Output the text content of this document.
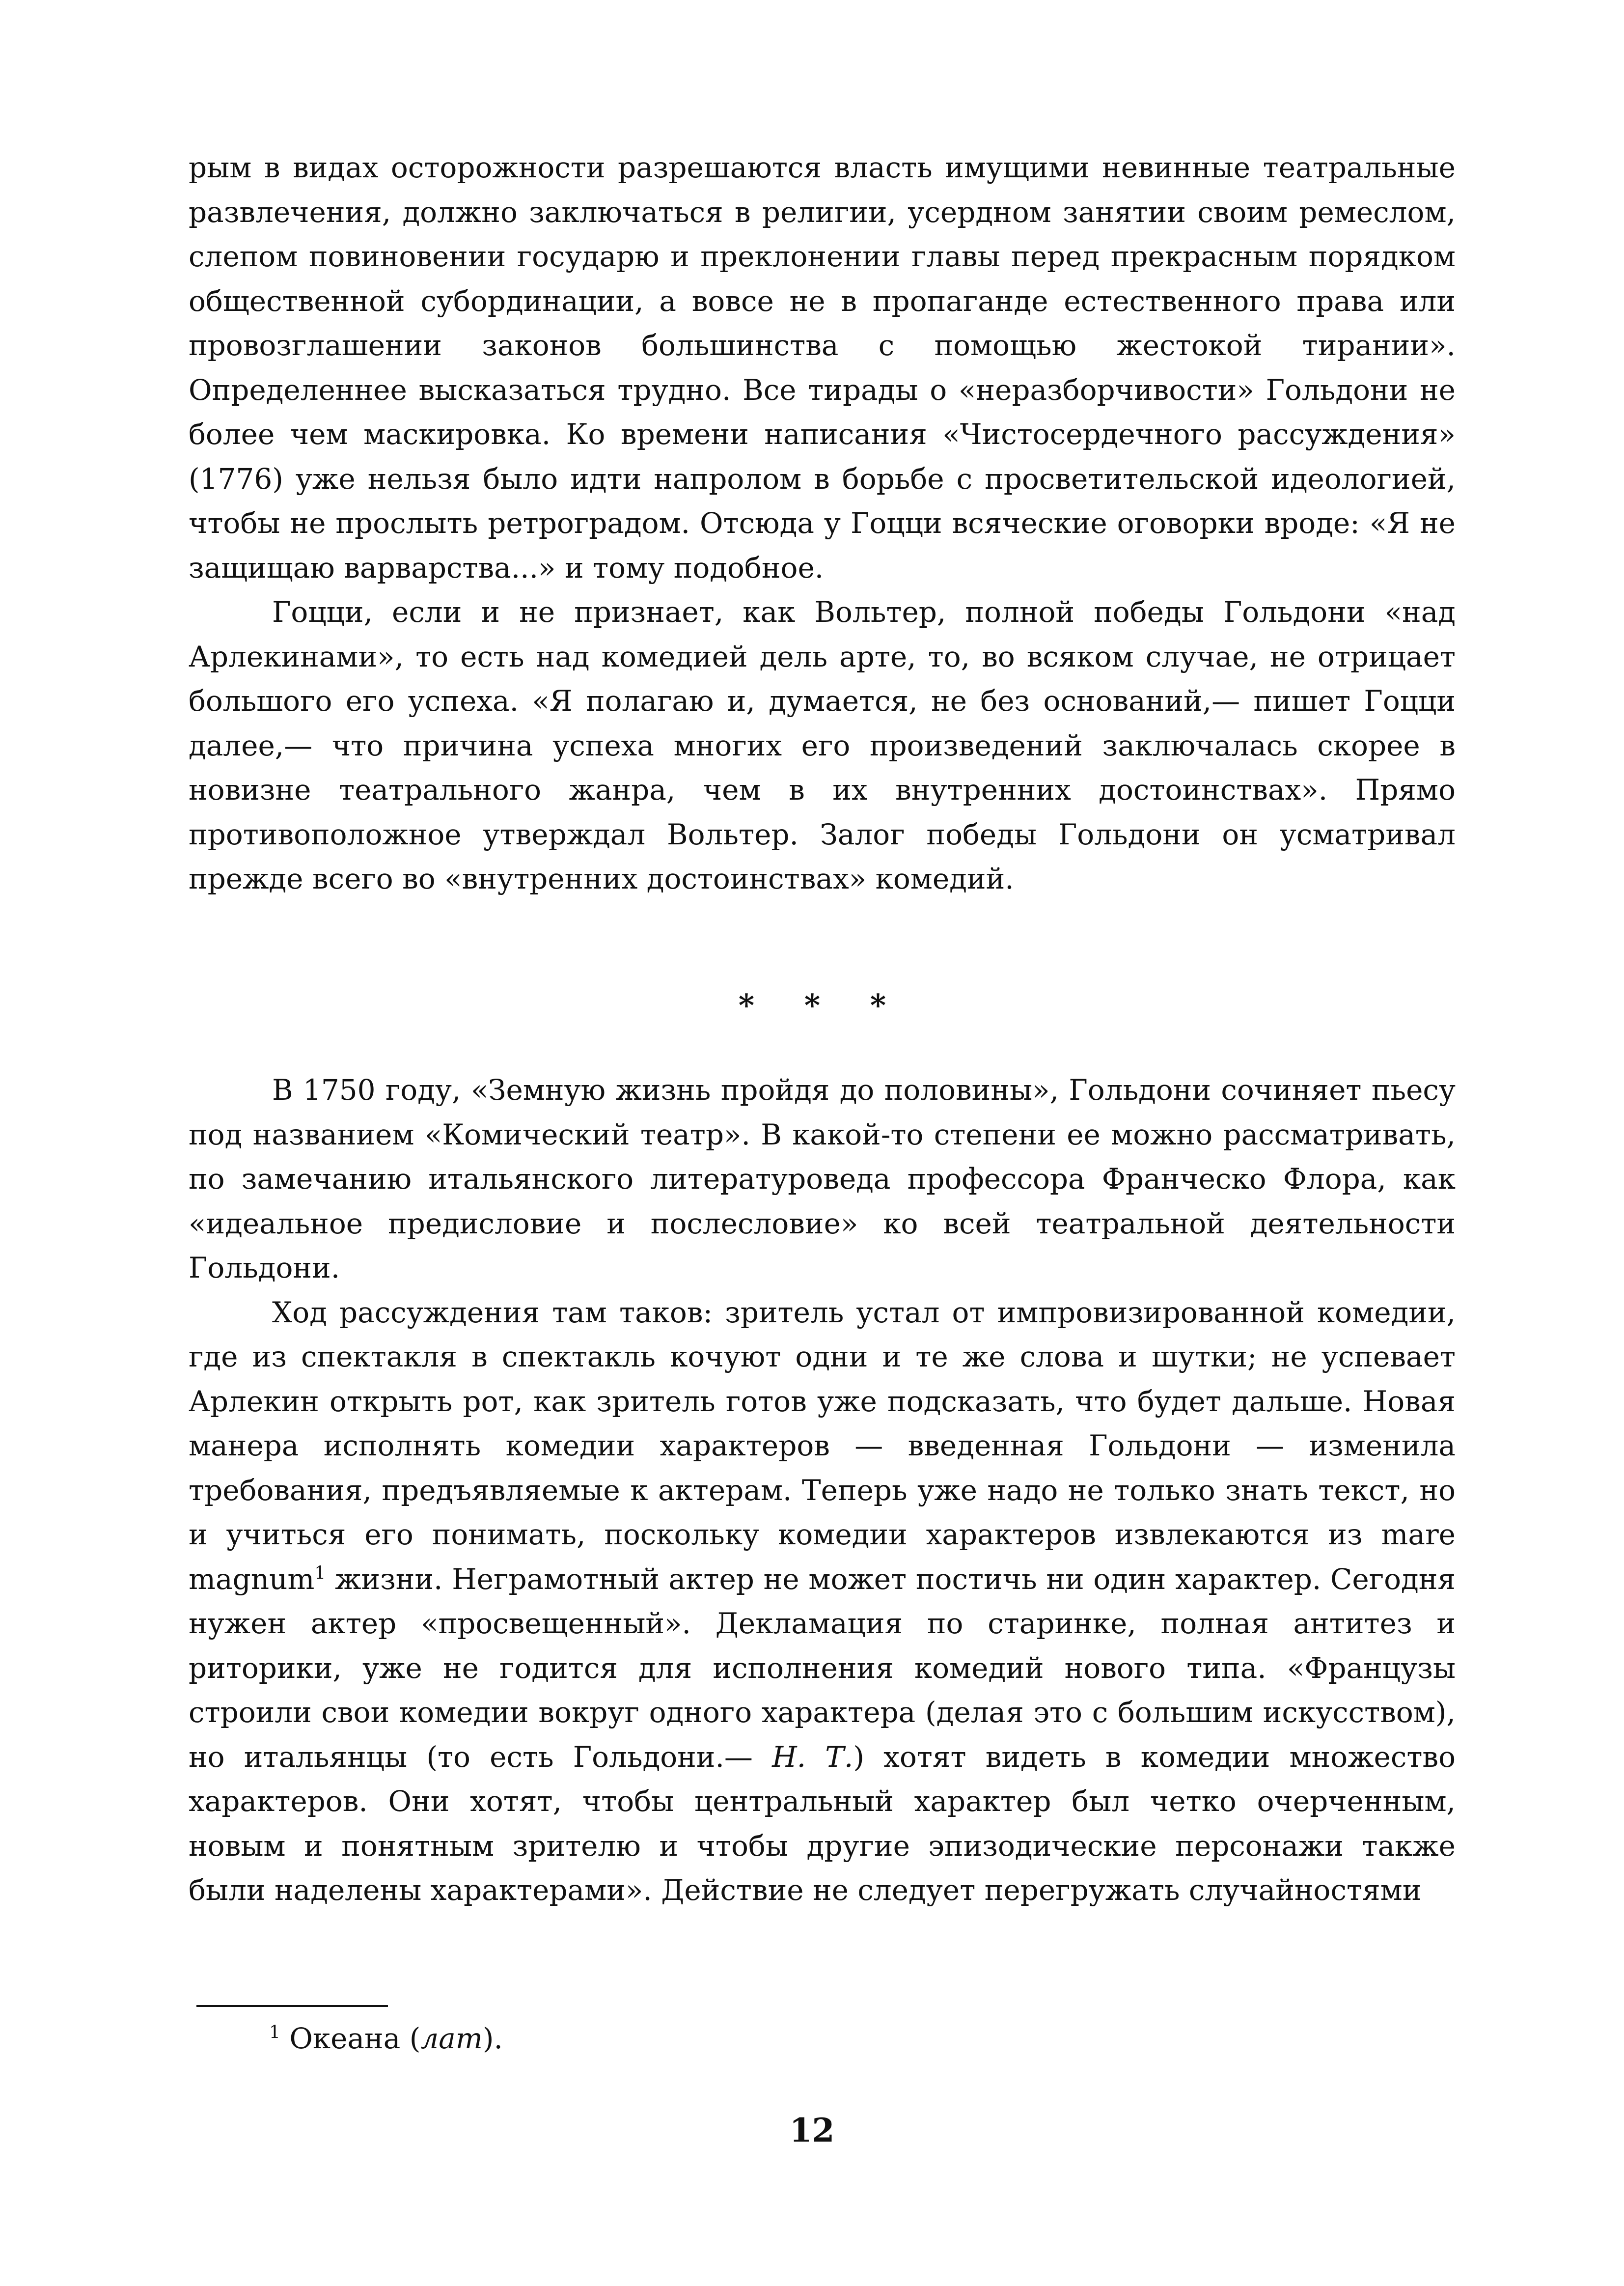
рым в видах осторожности разрешаются власть имущими невинные театральные развлечения, должно заключаться в религии, усердном занятии своим ремеслом, слепом повиновении государю и преклонении главы перед прекрасным порядком общественной субординации, а вовсе не в пропаганде естественного права или провозглашении законов большинства с помощью жестокой тирании». Определеннее высказаться трудно. Все тирады о «неразборчивости» Гольдони не более чем маскировка. Ко времени написания «Чистосердечного рассуждения» (1776) уже нельзя было идти напролом в борьбе с просветительской идеологией, чтобы не прослыть ретроградом. Отсюда у Гоцци всяческие оговорки вроде: «Я не защищаю варварства...» и тому подобное.

Гоцци, если и не признает, как Вольтер, полной победы Гольдони «над Арлекинами», то есть над комедией дель арте, то, во всяком случае, не отрицает большого его успеха. «Я полагаю и, думается, не без оснований,— пишет Гоцци далее,— что причина успеха многих его произведений заключалась скорее в новизне театрального жанра, чем в их внутренних достоинствах». Прямо противоположное утверждал Вольтер. Залог победы Гольдони он усматривал прежде всего во «внутренних достоинствах» комедий.

* * *

В 1750 году, «Земную жизнь пройдя до половины», Гольдони сочиняет пьесу под названием «Комический театр». В какой-то степени ее можно рассматривать, по замечанию итальянского литературоведа профессора Франческо Флора, как «идеальное предисловие и послесловие» ко всей театральной деятельности Гольдони.

Ход рассуждения там таков: зритель устал от импровизированной комедии, где из спектакля в спектакль кочуют одни и те же слова и шутки; не успевает Арлекин открыть рот, как зритель готов уже подсказать, что будет дальше. Новая манера исполнять комедии характеров — введенная Гольдони — изменила требования, предъявляемые к актерам. Теперь уже надо не только знать текст, но и учиться его понимать, поскольку комедии характеров извлекаются из mare magnum$^1$ жизни. Неграмотный актер не может постичь ни один характер. Сегодня нужен актер «просвещенный». Декламация по старинке, полная антитез и риторики, уже не годится для исполнения комедий нового типа. «Французы строили свои комедии вокруг одного характера (делая это с большим искусством), но итальянцы (то есть Гольдони.— Н. Т.) хотят видеть в комедии множество характеров. Они хотят, чтобы центральный характер был четко очерченным, новым и понятным зрителю и чтобы другие эпизодические персонажи также были наделены характерами». Действие не следует перегружать случайностями

$^1$ Океана (лат).
12
